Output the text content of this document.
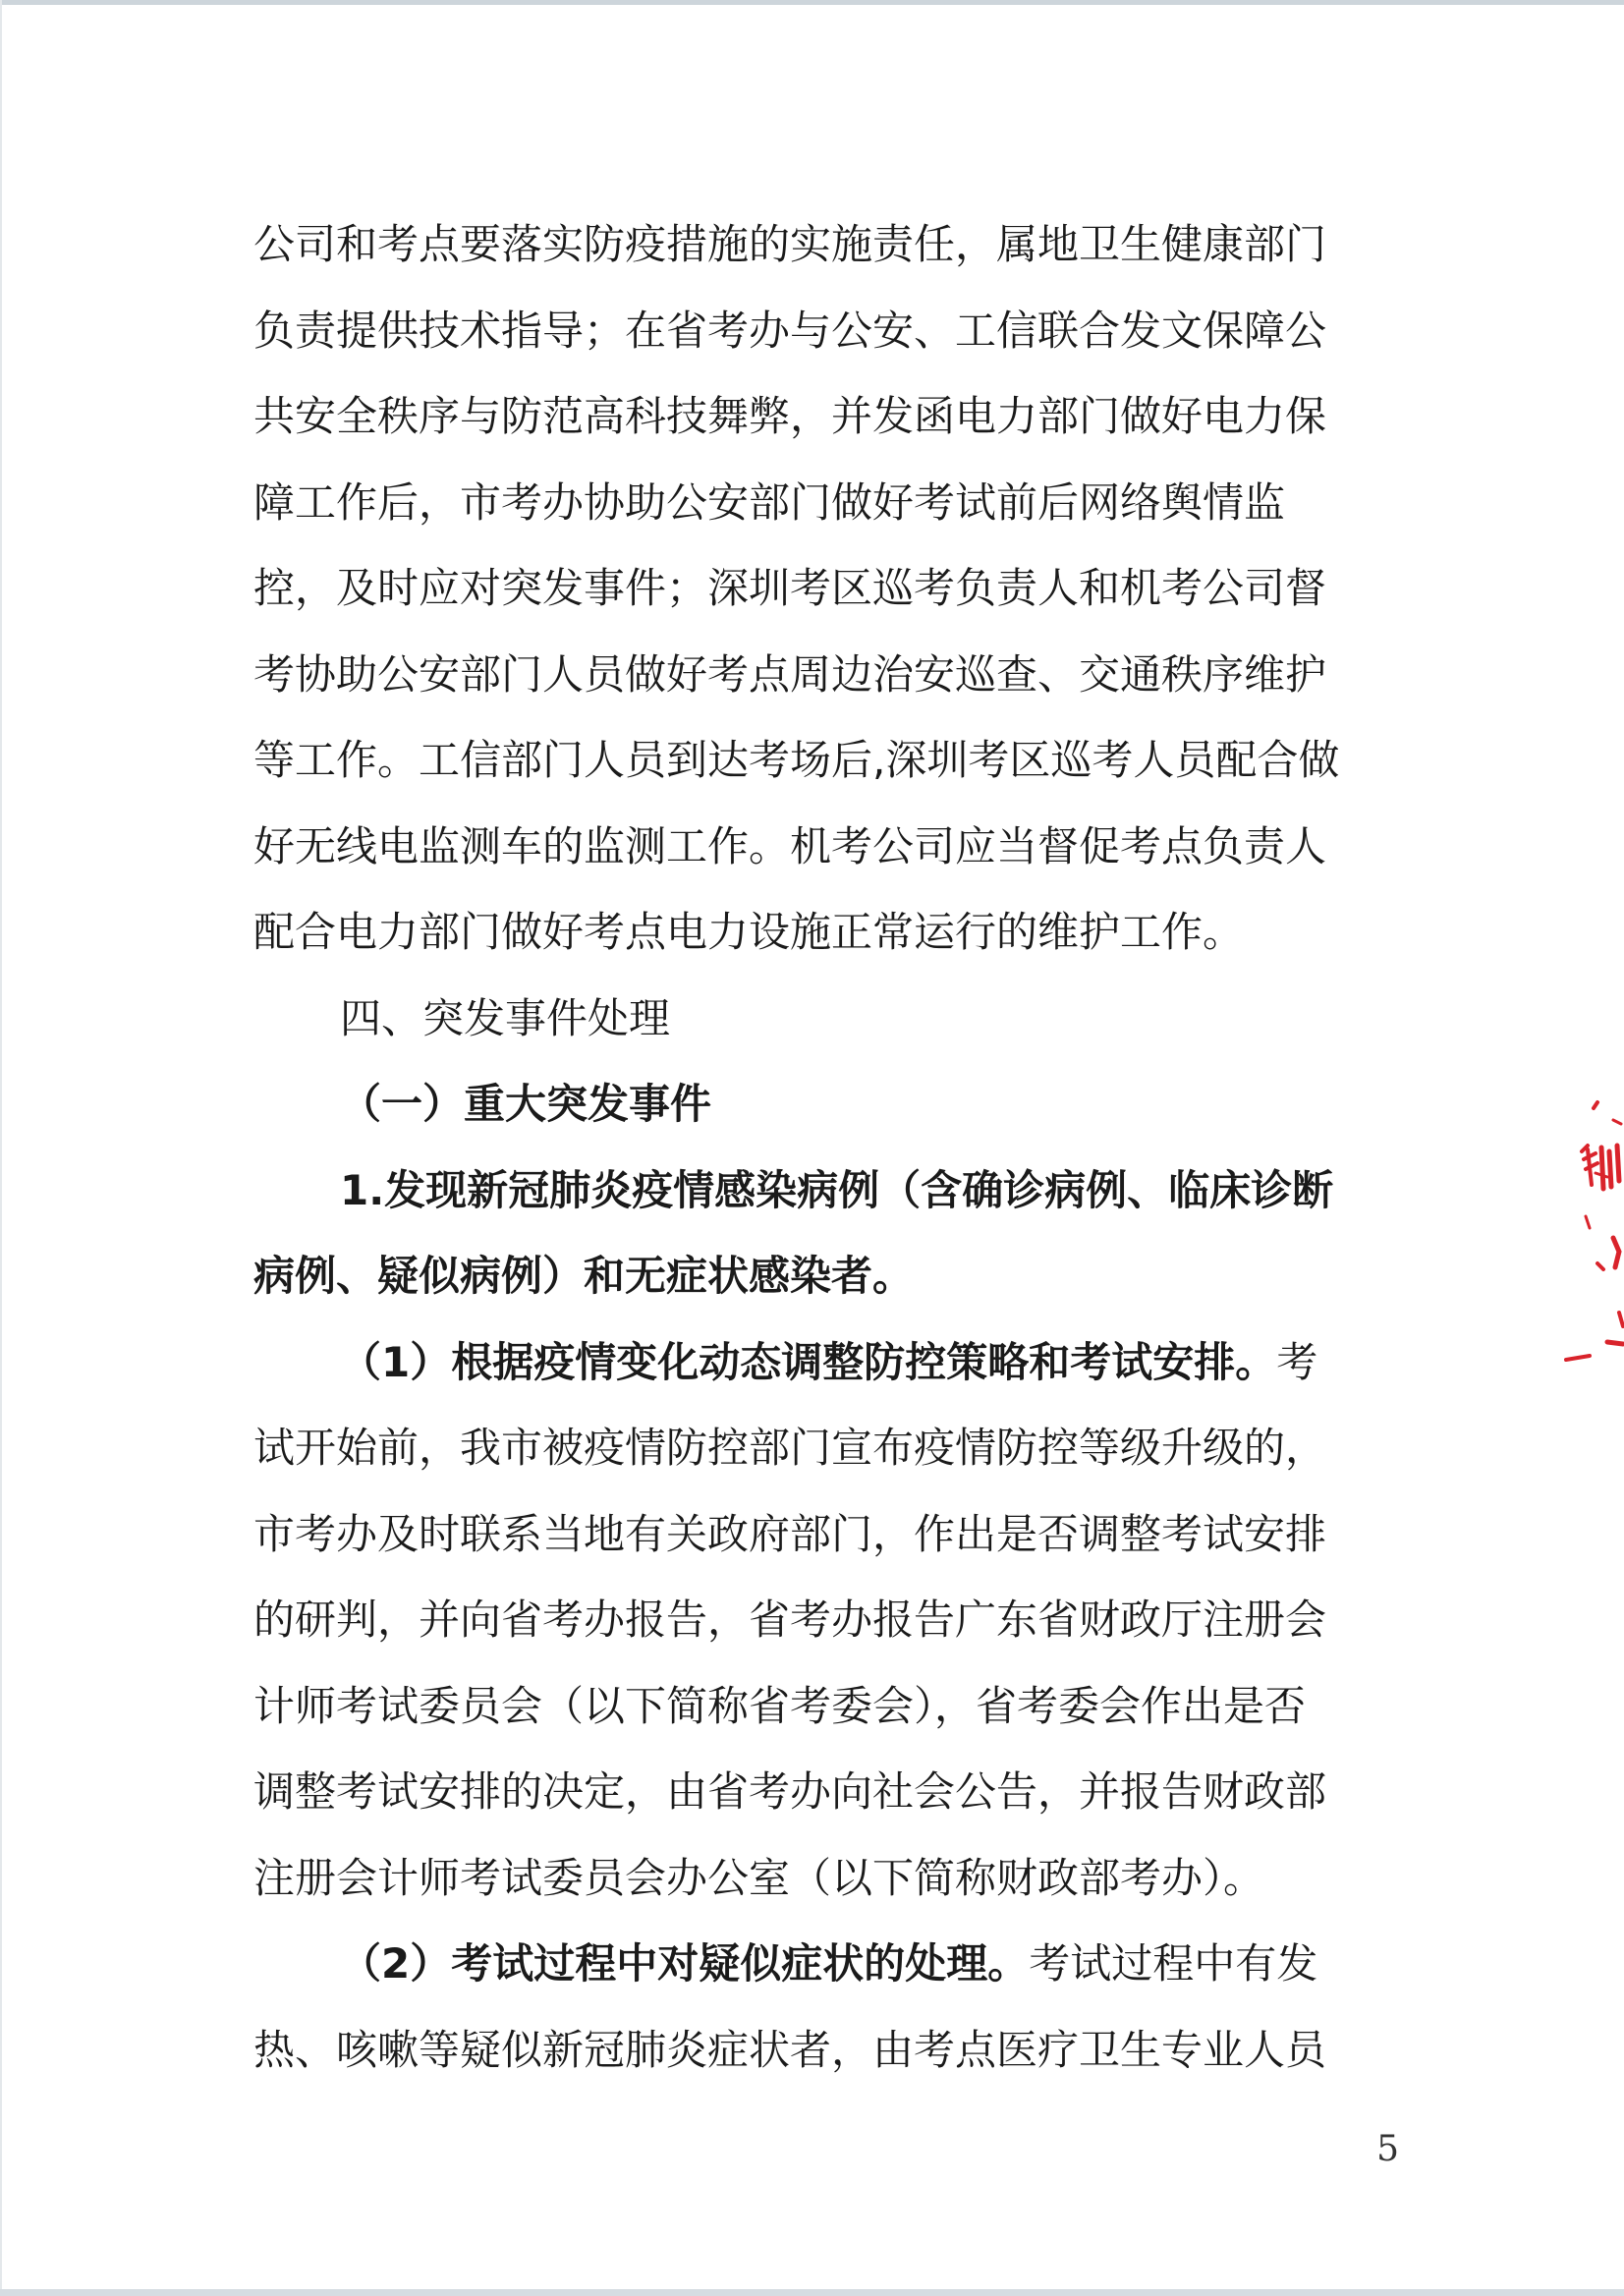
公司和考点要落实防疫措施的实施责任，属地卫生健康部门
负责提供技术指导；在省考办与公安、工信联合发文保障公
共安全秩序与防范高科技舞弊，并发函电力部门做好电力保
障工作后，市考办协助公安部门做好考试前后网络舆情监
控，及时应对突发事件；深圳考区巡考负责人和机考公司督
考协助公安部门人员做好考点周边治安巡查、交通秩序维护
等工作。工信部门人员到达考场后,深圳考区巡考人员配合做
好无线电监测车的监测工作。机考公司应当督促考点负责人
配合电力部门做好考点电力设施正常运行的维护工作。
四、突发事件处理
（一）重大突发事件
1.发现新冠肺炎疫情感染病例（含确诊病例、临床诊断
病例、疑似病例）和无症状感染者。
（1）根据疫情变化动态调整防控策略和考试安排。考
试开始前，我市被疫情防控部门宣布疫情防控等级升级的，
市考办及时联系当地有关政府部门，作出是否调整考试安排
的研判，并向省考办报告，省考办报告广东省财政厅注册会
计师考试委员会（以下简称省考委会），省考委会作出是否
调整考试安排的决定，由省考办向社会公告，并报告财政部
注册会计师考试委员会办公室（以下简称财政部考办）。
（2）考试过程中对疑似症状的处理。考试过程中有发
热、咳嗽等疑似新冠肺炎症状者，由考点医疗卫生专业人员
5
